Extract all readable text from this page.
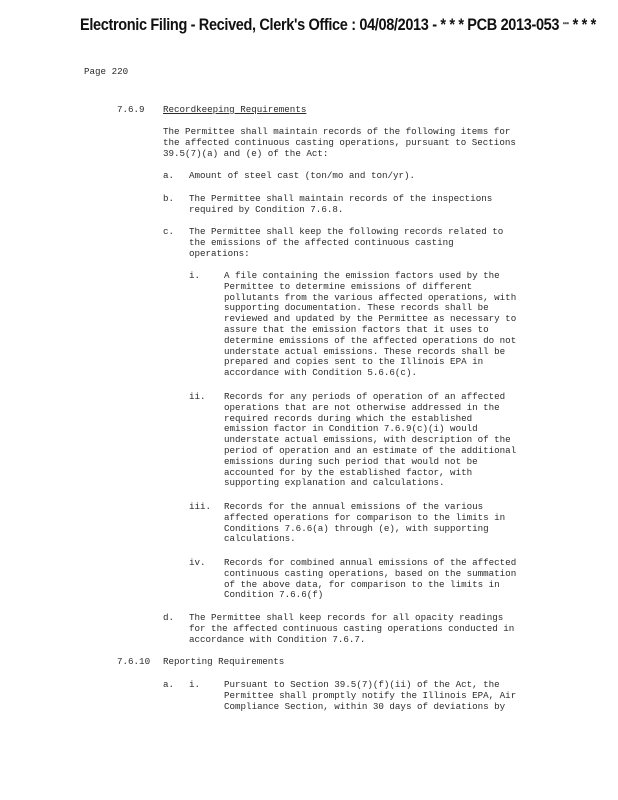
Electronic Filing - Recived, Clerk's Office : 04/08/2013 - * * * PCB 2013-053 *** * * *
Page 220
7.6.9 Recordkeeping Requirements
The Permittee shall maintain records of the following items for
the affected continuous casting operations, pursuant to Sections
39.5(7)(a) and (e) of the Act:
a. Amount of steel cast (ton/mo and ton/yr).
b. The Permittee shall maintain records of the inspections
required by Condition 7.6.8.
c. The Permittee shall keep the following records related to
the emissions of the affected continuous casting
operations:
i.	A file containing the emission factors used by the
Permittee to determine emissions of different
pollutants from the various affected operations, with
supporting documentation. These records shall be
reviewed and updated by the Permittee as necessary to
assure that the emission factors that it uses to
determine emissions of the affected operations do not
understate actual emissions. These records shall be
prepared and copies sent to the Illinois EPA in
accordance with Condition 5.6.6(c).
ii. Records for any periods of operation of an affected
operations that are not otherwise addressed in the
required records during which the established
emission factor in Condition 7.6.9(c)(i) would
understate actual emissions, with description of the
period of operation and an estimate of the additional
emissions during such period that would not be
accounted for by the established factor, with
supporting explanation and calculations.
iii. Records for the annual emissions of the various
affected operations for comparison to the limits in
Conditions 7.6.6(a) through (e), with supporting
calculations.
iv. Records for combined annual emissions of the affected
continuous casting operations, based on the summation
of the above data, for comparison to the limits in
Condition 7.6.6(f)
d. The Permittee shall keep records for all opacity readings
for the affected continuous casting operations conducted in
accordance with Condition 7.6.7.
7.6.10 Reporting Requirements
a. i.	Pursuant to Section 39.5(7)(f)(ii) of the Act, the
Permittee shall promptly notify the Illinois EPA, Air
Compliance Section, within 30 days of deviations by
